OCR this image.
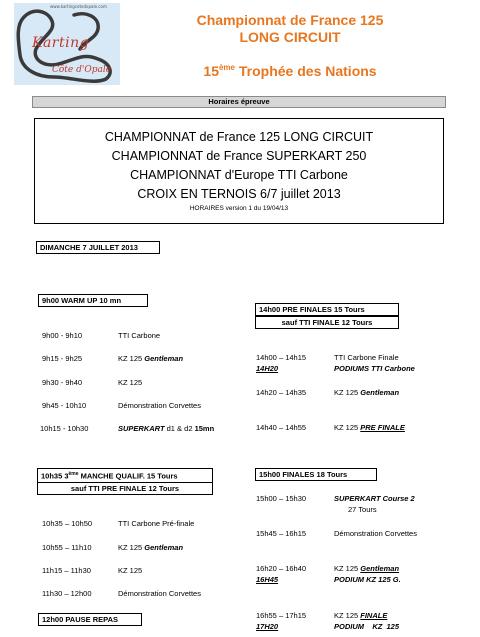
www.kartingcotedopale.com
Karting
Côte d'Opale
Championnat de France 125
LONG CIRCUIT
15ème Trophée des Nations
Horaires épreuve
CHAMPIONNAT de France 125 LONG CIRCUIT
CHAMPIONNAT de France SUPERKART 250
CHAMPIONNAT d'Europe TTI Carbone
CROIX EN TERNOIS 6/7 juillet 2013
HORAIRES version 1 du 19/04/13
DIMANCHE 7 JUILLET 2013
9h00 WARM UP 10 mn
9h00 - 9h10	TTI Carbone
9h15 - 9h25	KZ 125 Gentleman
9h30 - 9h40	KZ 125
9h45 - 10h10	Démonstration Corvettes
10h15 - 10h30	SUPERKART d1 & d2 15mn
10h35 3ème MANCHE QUALIF. 15 Tours
sauf TTI PRE FINALE 12 Tours
10h35 – 10h50	TTI Carbone Pré-finale
10h55 – 11h10	KZ 125 Gentleman
11h15 – 11h30	KZ 125
11h30 – 12h00	Démonstration Corvettes
12h00 PAUSE REPAS
14h00 PRE FINALES 15 Tours
sauf TTI FINALE 12 Tours
14h00 – 14h15	TTI Carbone Finale
14H20	PODIUMS TTI Carbone
14h20 – 14h35	KZ 125 Gentleman
14h40 – 14h55	KZ 125 PRE FINALE
15h00 FINALES 18 Tours
15h00 – 15h30	SUPERKART Course 2
27 Tours
15h45 – 16h15	Démonstration Corvettes
16h20 – 16h40	KZ 125 Gentleman
16H45	PODIUM KZ 125 G.
16h55 – 17h15	KZ 125 FINALE
17H20	PODIUM    KZ  125
